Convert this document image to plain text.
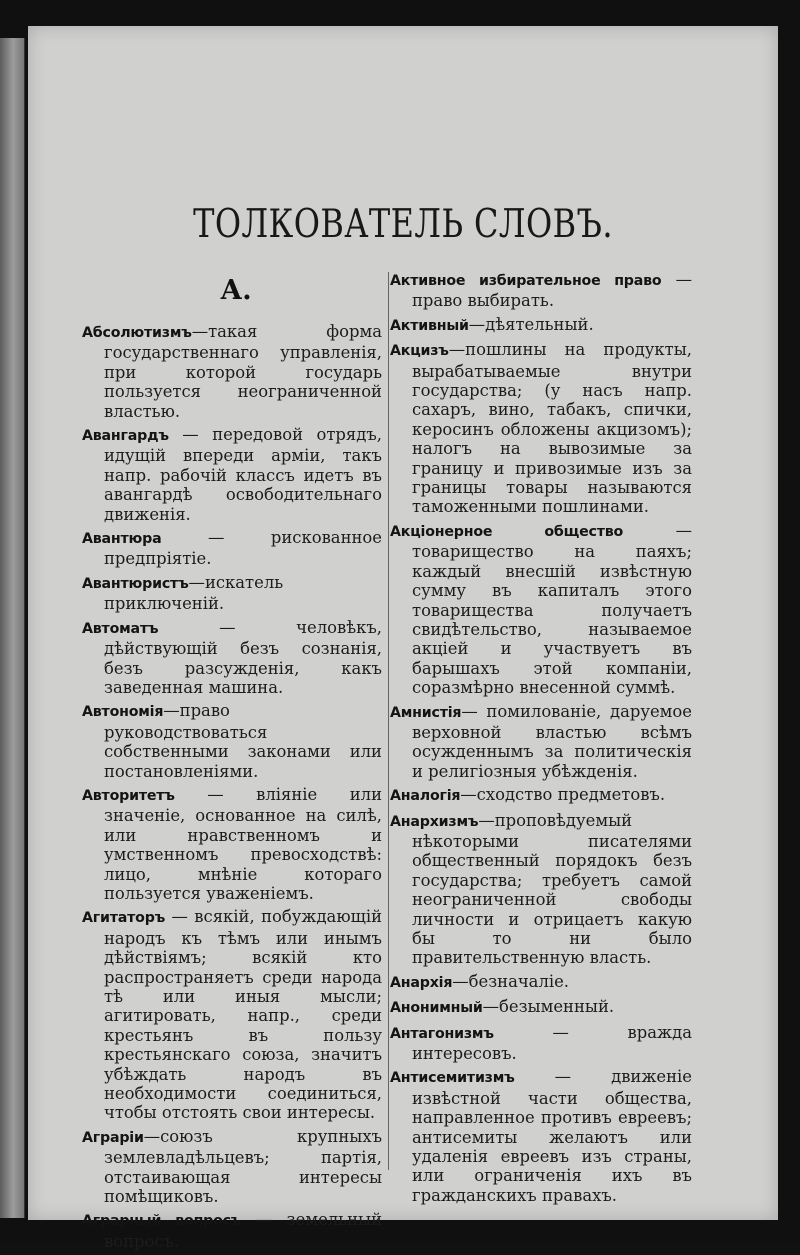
ТОЛКОВАТЕЛЬ СЛОВЪ.
А.

Абсолютизмъ—такая форма государственнаго управленія, при которой государь пользуется неограниченной властью.

Авангардъ — передовой отрядъ, идущій впереди арміи, такъ напр. рабочій классъ идетъ въ авангардѣ освободительнаго движенія.

Авантюра — рискованное предпріятіе.

Авантюристъ—искатель приключеній.

Автоматъ — человѣкъ, дѣйствующій безъ сознанія, безъ разсужденія, какъ заведенная машина.

Автономія—право руководствоваться собственными законами или постановленіями.

Авторитетъ — вліяніе или значеніе, основанное на силѣ, или нравственномъ и умственномъ превосходствѣ: лицо, мнѣніе котораго пользуется уваженіемъ.

Агитаторъ — всякій, побуждающій народъ къ тѣмъ или инымъ дѣйствіямъ; всякій кто распространяетъ среди народа тѣ или иныя мысли; агитировать, напр., среди крестьянъ въ пользу крестьянскаго союза, значитъ убѣждать народъ въ необходимости соединиться, чтобы отстоять свои интересы.

Аграріи—союзъ крупныхъ землевладѣльцевъ; партія, отстаивающая интересы помѣщиковъ.

Аграрный вопросъ — земельный вопросъ.

Активное избирательное право — право выбирать.

Активный—дѣятельный.

Акцизъ—пошлины на продукты, вырабатываемые внутри государства; (у насъ напр. сахаръ, вино, табакъ, спички, керосинъ обложены акцизомъ); налогъ на вывозимые за границу и привозимые изъ за границы товары называются таможенными пошлинами.

Акціонерное общество — товарищество на паяхъ; каждый внесшій извѣстную сумму въ капиталъ этого товарищества получаетъ свидѣтельство, называемое акціей и участвуетъ въ барышахъ этой компаніи, соразмѣрно внесенной суммѣ.

Амнистія— помилованіе, даруемое верховной властью всѣмъ осужденнымъ за политическія и религіозныя убѣжденія.

Аналогія—сходство предметовъ.

Анархизмъ—проповѣдуемый нѣкоторыми писателями общественный порядокъ безъ государства; требуетъ самой неограниченной свободы личности и отрицаетъ какую бы то ни было правительственную власть.

Анархія—безначаліе.

Анонимный—безыменный.

Антагонизмъ — вражда интересовъ.

Антисемитизмъ — движеніе извѣстной части общества, направленное противъ евреевъ; антисемиты желаютъ или удаленія евреевъ изъ страны, или ограниченія ихъ въ гражданскихъ правахъ.
